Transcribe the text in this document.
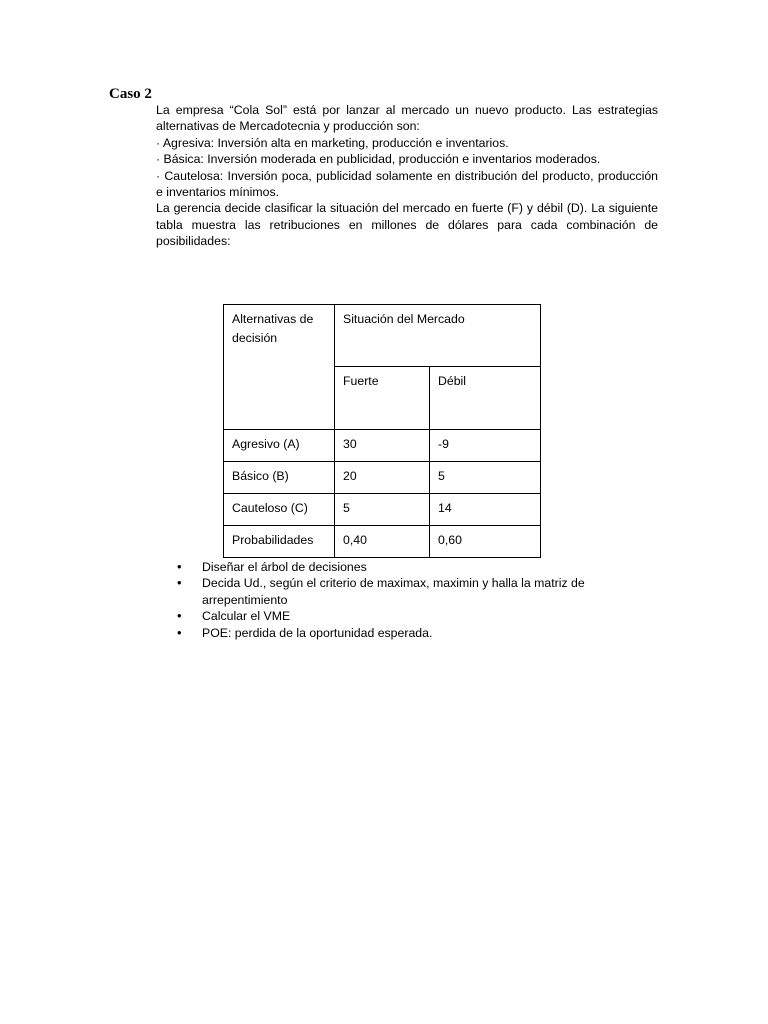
Caso 2

La empresa “Cola Sol” está por lanzar al mercado un nuevo producto. Las estrategias alternativas de Mercadotecnia y producción son:

· Agresiva: Inversión alta en marketing, producción e inventarios.

· Básica: Inversión moderada en publicidad, producción e inventarios moderados.

· Cautelosa: Inversión poca, publicidad solamente en distribución del producto, producción e inventarios mínimos.

La gerencia decide clasificar la situación del mercado en fuerte (F) y débil (D). La siguiente tabla muestra las retribuciones en millones de dólares para cada combinación de posibilidades:

Alternativas de decisión	Situación del Mercado	
	Fuerte	Débil
Agresivo (A)	30	-9
Básico (B)	20	5
Cauteloso (C)	5	14
Probabilidades	0,40	0,60
• Diseñar el árbol de decisiones
• Decida Ud., según el criterio de maximax, maximin y halla la matriz de arrepentimiento
• Calcular el VME
• POE: perdida de la oportunidad esperada.
